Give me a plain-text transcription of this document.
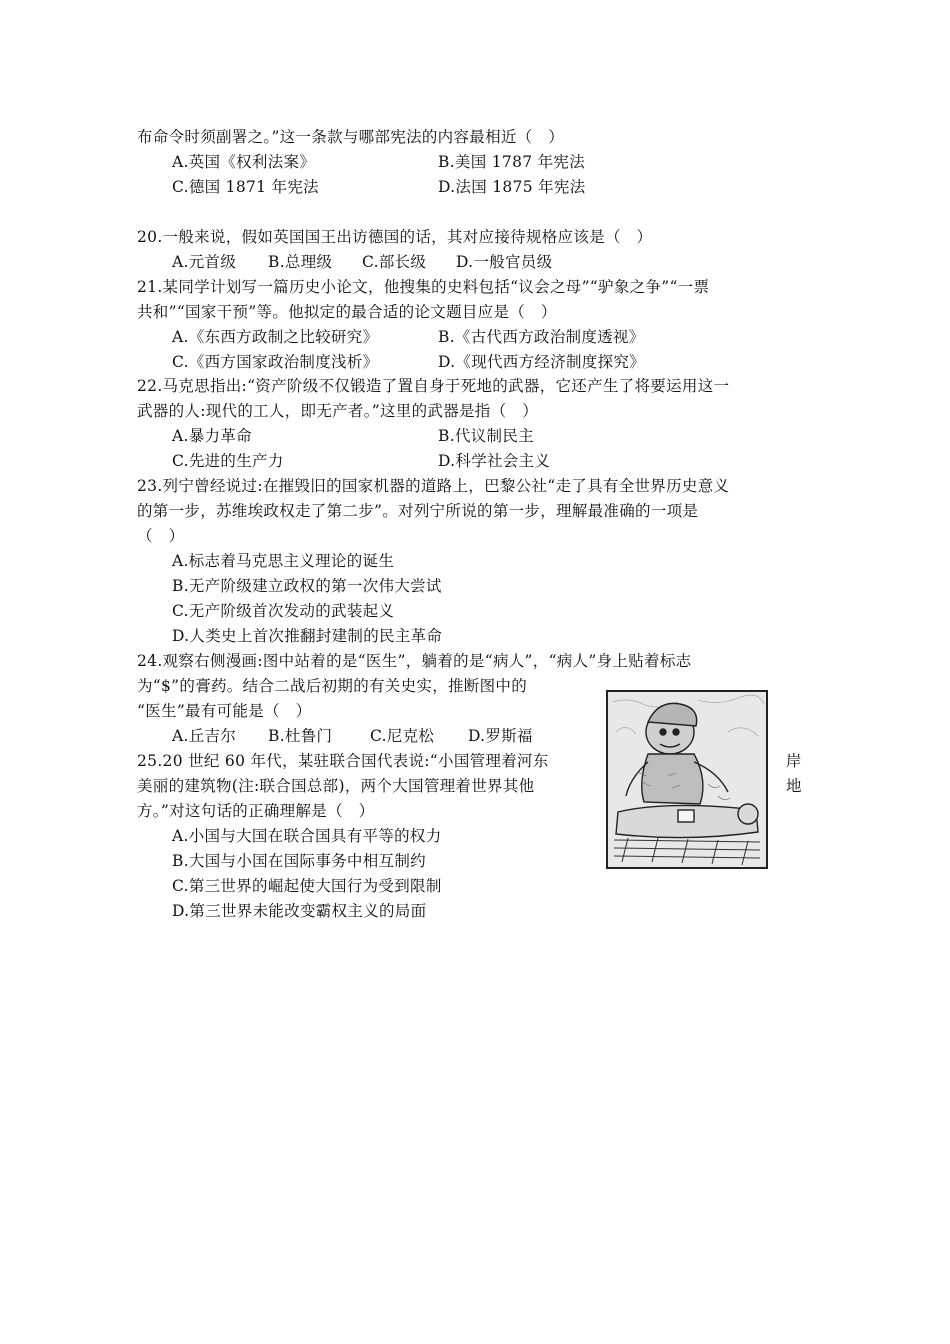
布命令时须副署之。”这一条款与哪部宪法的内容最相近（　）
A.英国《权利法案》	B.美国 1787 年宪法
C.德国 1871 年宪法	D.法国 1875 年宪法
20.一般来说，假如英国国王出访德国的话，其对应接待规格应该是（　）
A.元首级 B.总理级 C.部长级 D.一般官员级
21.某同学计划写一篇历史小论文，他搜集的史料包括“议会之母”“驴象之争”“一票
共和”“国家干预”等。他拟定的最合适的论文题目应是（　）
A.《东西方政制之比较研究》	B.《古代西方政治制度透视》
C.《西方国家政治制度浅析》	D.《现代西方经济制度探究》
22.马克思指出:“资产阶级不仅锻造了置自身于死地的武器，它还产生了将要运用这一
武器的人:现代的工人，即无产者。”这里的武器是指（　）
A.暴力革命	B.代议制民主
C.先进的生产力	D.科学社会主义
23.列宁曾经说过:在摧毁旧的国家机器的道路上，巴黎公社“走了具有全世界历史意义
的第一步，苏维埃政权走了第二步”。对列宁所说的第一步，理解最准确的一项是
（　）
A.标志着马克思主义理论的诞生
B.无产阶级建立政权的第一次伟大尝试
C.无产阶级首次发动的武装起义
D.人类史上首次推翻封建制的民主革命
24.观察右侧漫画:图中站着的是“医生”，躺着的是“病人”，“病人”身上贴着标志
为“$”的膏药。结合二战后初期的有关史实，推断图中的
“医生”最有可能是（　）
A.丘吉尔 B.杜鲁门 C.尼克松 D.罗斯福
25.20 世纪 60 年代，某驻联合国代表说:“小国管理着河东
美丽的建筑物(注:联合国总部)，两个大国管理着世界其他
方。”对这句话的正确理解是（　）
岸
地
A.小国与大国在联合国具有平等的权力
B.大国与小国在国际事务中相互制约
C.第三世界的崛起使大国行为受到限制
D.第三世界未能改变霸权主义的局面
